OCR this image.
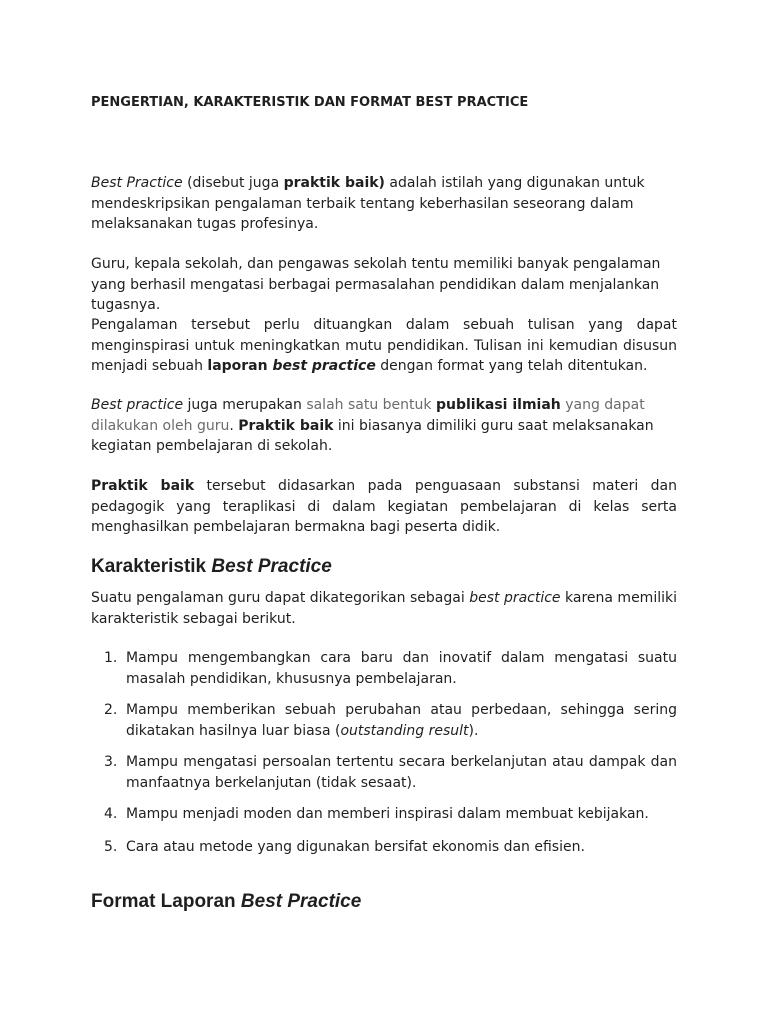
PENGERTIAN, KARAKTERISTIK DAN FORMAT BEST PRACTICE

Best Practice (disebut juga praktik baik) adalah istilah yang digunakan untuk mendeskripsikan pengalaman terbaik tentang keberhasilan seseorang dalam melaksanakan tugas profesinya.

Guru, kepala sekolah, dan pengawas sekolah tentu memiliki banyak pengalaman yang berhasil mengatasi berbagai permasalahan pendidikan dalam menjalankan tugasnya.

Pengalaman tersebut perlu dituangkan dalam sebuah tulisan yang dapat menginspirasi untuk meningkatkan mutu pendidikan. Tulisan ini kemudian disusun menjadi sebuah laporan best practice dengan format yang telah ditentukan.

Best practice juga merupakan salah satu bentuk publikasi ilmiah yang dapat dilakukan oleh guru. Praktik baik ini biasanya dimiliki guru saat melaksanakan kegiatan pembelajaran di sekolah.

Praktik baik tersebut didasarkan pada penguasaan substansi materi dan pedagogik yang teraplikasi di dalam kegiatan pembelajaran di kelas serta menghasilkan pembelajaran bermakna bagi peserta didik.

Karakteristik Best Practice

Suatu pengalaman guru dapat dikategorikan sebagai best practice karena memiliki karakteristik sebagai berikut.

1. Mampu mengembangkan cara baru dan inovatif dalam mengatasi suatu masalah pendidikan, khususnya pembelajaran.
2. Mampu memberikan sebuah perubahan atau perbedaan, sehingga sering dikatakan hasilnya luar biasa (outstanding result).
3. Mampu mengatasi persoalan tertentu secara berkelanjutan atau dampak dan manfaatnya berkelanjutan (tidak sesaat).
4. Mampu menjadi moden dan memberi inspirasi dalam membuat kebijakan.
5. Cara atau metode yang digunakan bersifat ekonomis dan efisien.
Format Laporan Best Practice
